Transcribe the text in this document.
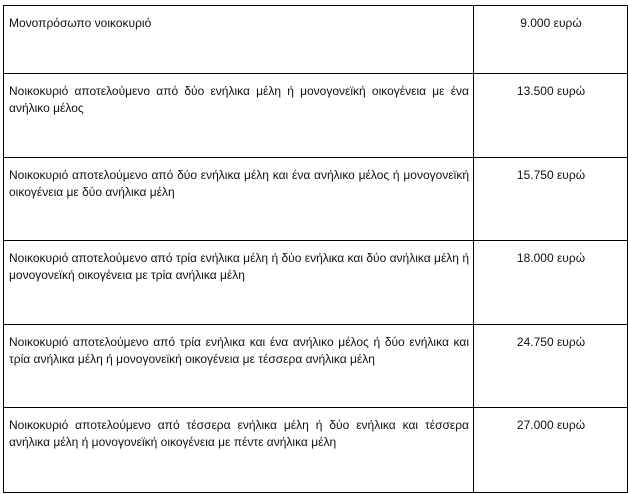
Μονοπρόσωπο νοικοκυριό	9.000 ευρώ
Νοικοκυριό αποτελούμενο από δύο ενήλικα μέλη ή μονογονεϊκή οικογένεια με ένα ανήλικο μέλος	13.500 ευρώ
Νοικοκυριό αποτελούμενο από δύο ενήλικα μέλη και ένα ανήλικο μέλος ή μονογονεϊκή οικογένεια με δύο ανήλικα μέλη	15.750 ευρώ
Νοικοκυριό αποτελούμενο από τρία ενήλικα μέλη ή δύο ενήλικα και δύο ανήλικα μέλη ή μονογονεϊκή οικογένεια με τρία ανήλικα μέλη	18.000 ευρώ
Νοικοκυριό αποτελούμενο από τρία ενήλικα και ένα ανήλικο μέλος ή δύο ενήλικα και τρία ανήλικα μέλη ή μονογονεϊκή οικογένεια με τέσσερα ανήλικα μέλη	24.750 ευρώ
Νοικοκυριό αποτελούμενο από τέσσερα ενήλικα μέλη ή δύο ενήλικα και τέσσερα ανήλικα μέλη ή μονογονεϊκή οικογένεια με πέντε ανήλικα μέλη	27.000 ευρώ
